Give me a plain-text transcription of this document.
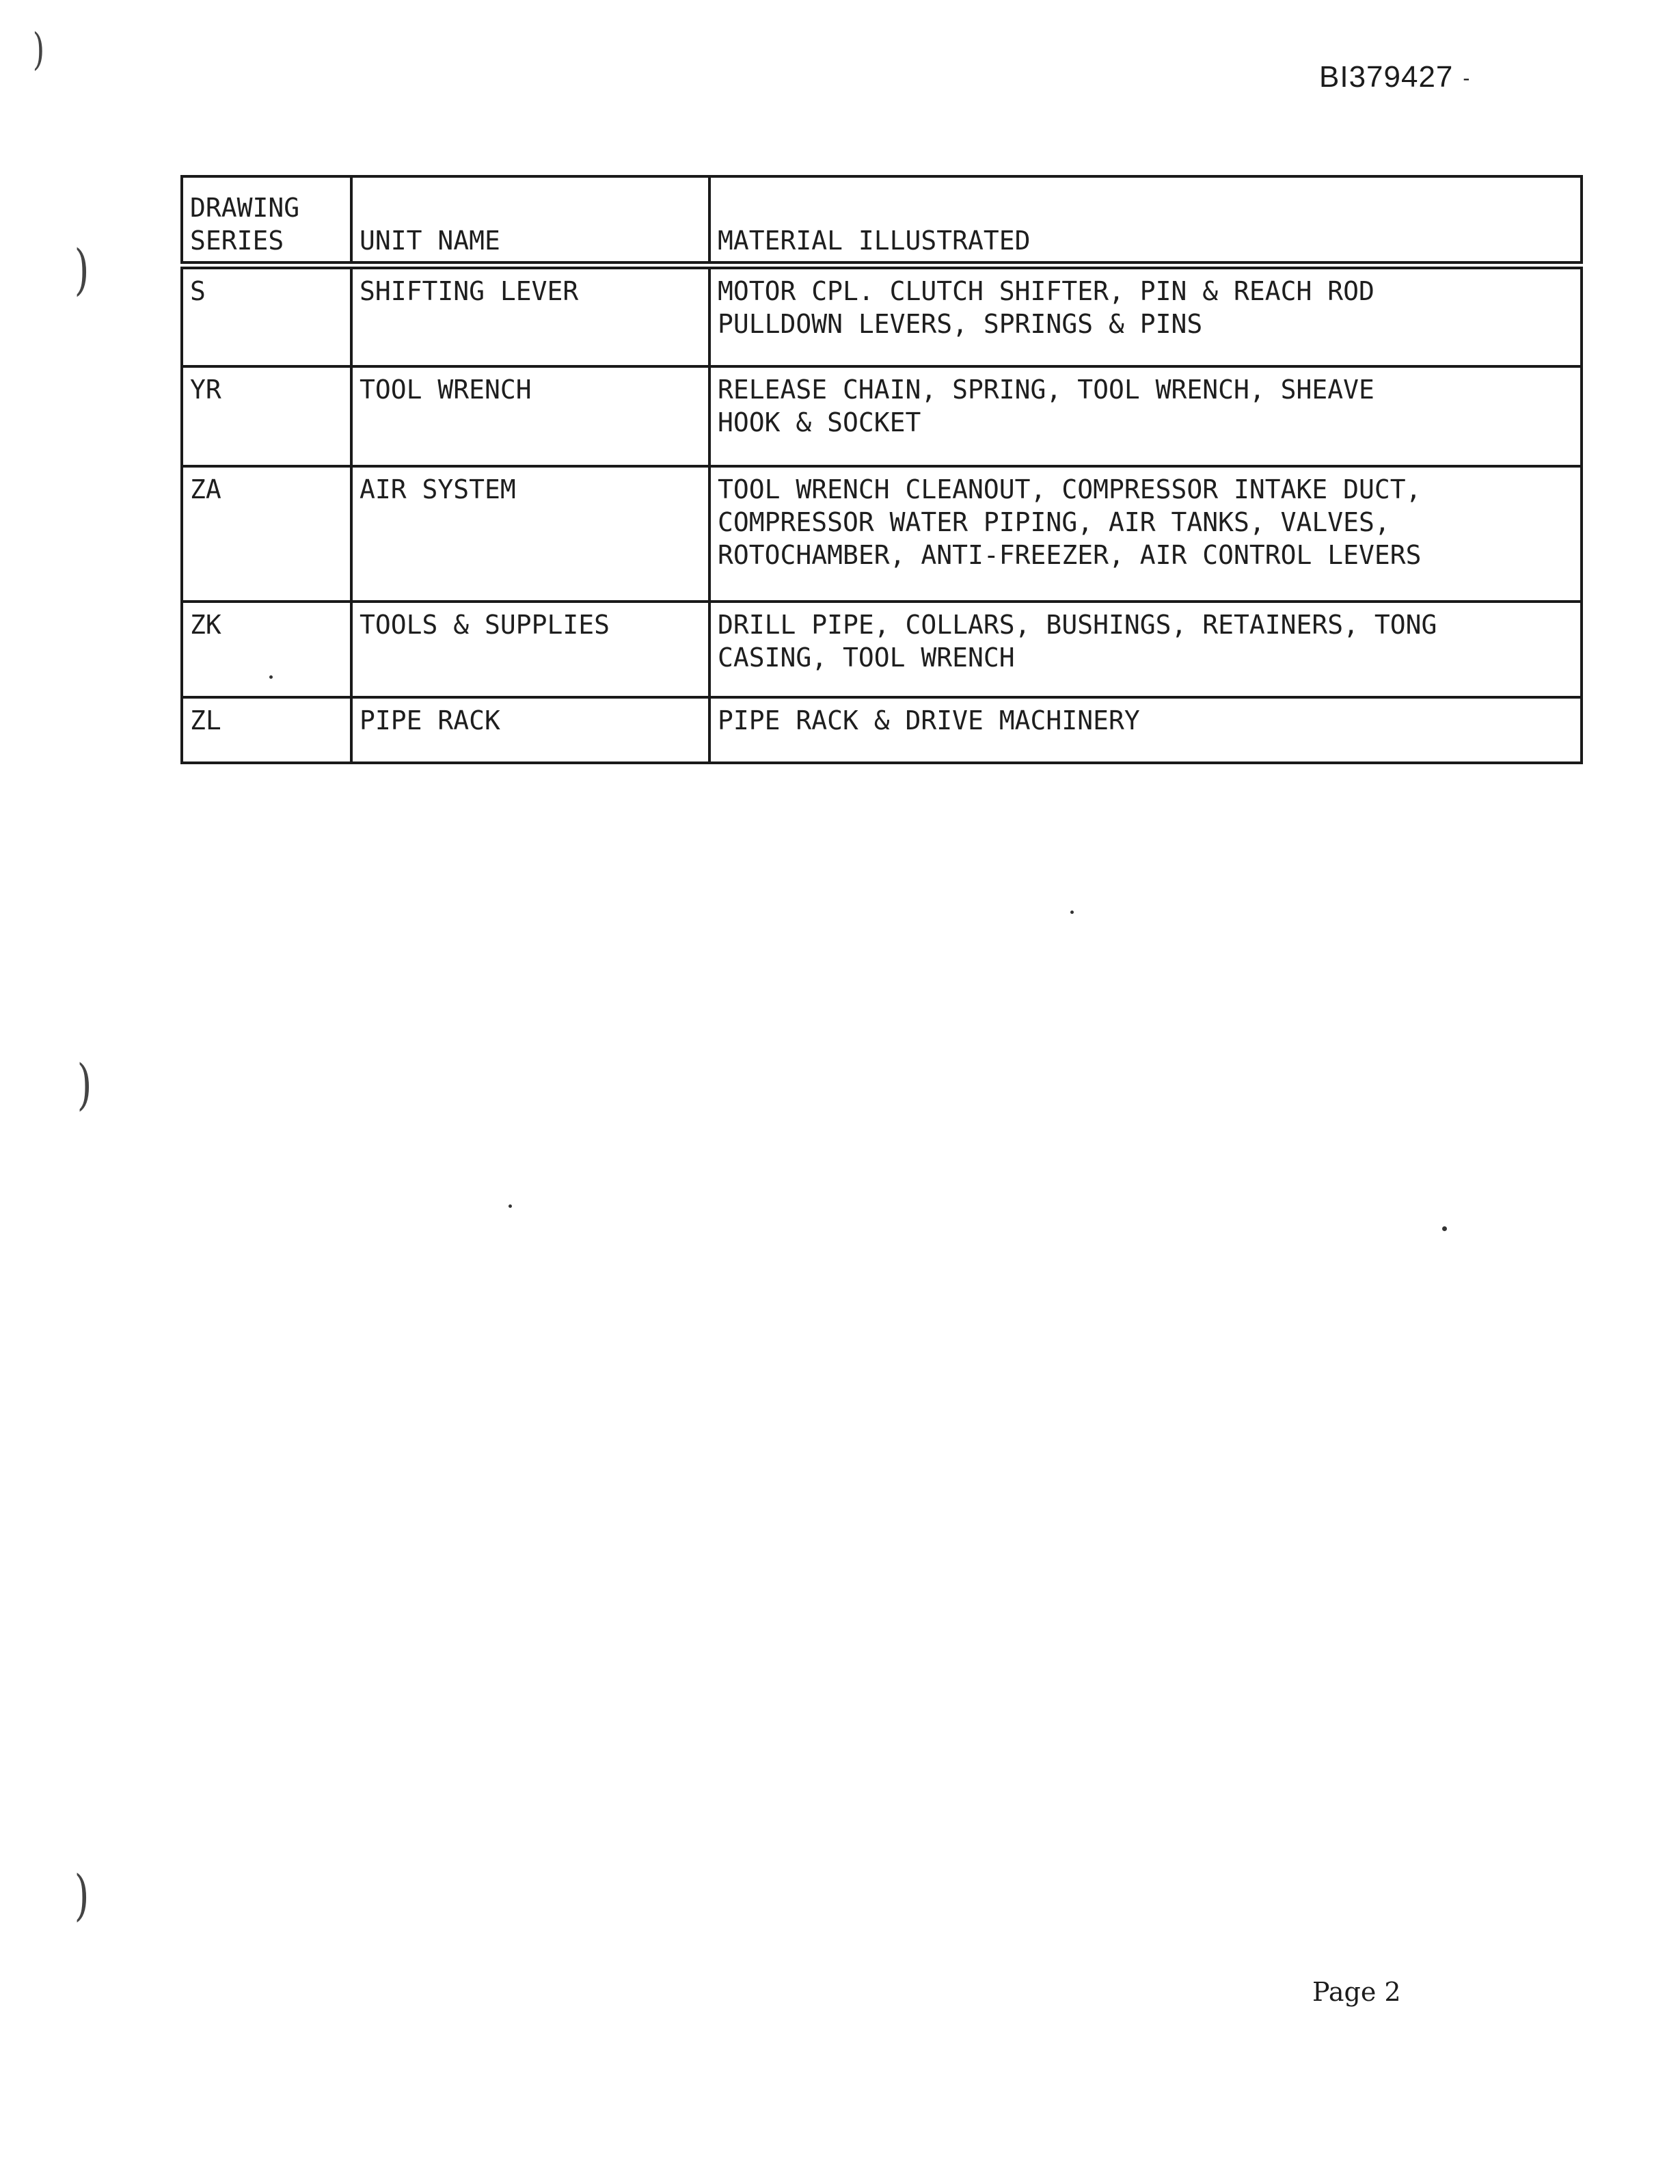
)
)
)
)
BI379427 -
DRAWING
SERIES	UNIT NAME	MATERIAL ILLUSTRATED
S	SHIFTING LEVER	MOTOR CPL. CLUTCH SHIFTER, PIN & REACH ROD
PULLDOWN LEVERS, SPRINGS & PINS
YR	TOOL WRENCH	RELEASE CHAIN, SPRING, TOOL WRENCH, SHEAVE
HOOK & SOCKET
ZA	AIR SYSTEM	TOOL WRENCH CLEANOUT, COMPRESSOR INTAKE DUCT,
COMPRESSOR WATER PIPING, AIR TANKS, VALVES,
ROTOCHAMBER, ANTI-FREEZER, AIR CONTROL LEVERS
ZK	TOOLS & SUPPLIES	DRILL PIPE, COLLARS, BUSHINGS, RETAINERS, TONG
CASING, TOOL WRENCH
ZL	PIPE RACK	PIPE RACK & DRIVE MACHINERY
Page 2
